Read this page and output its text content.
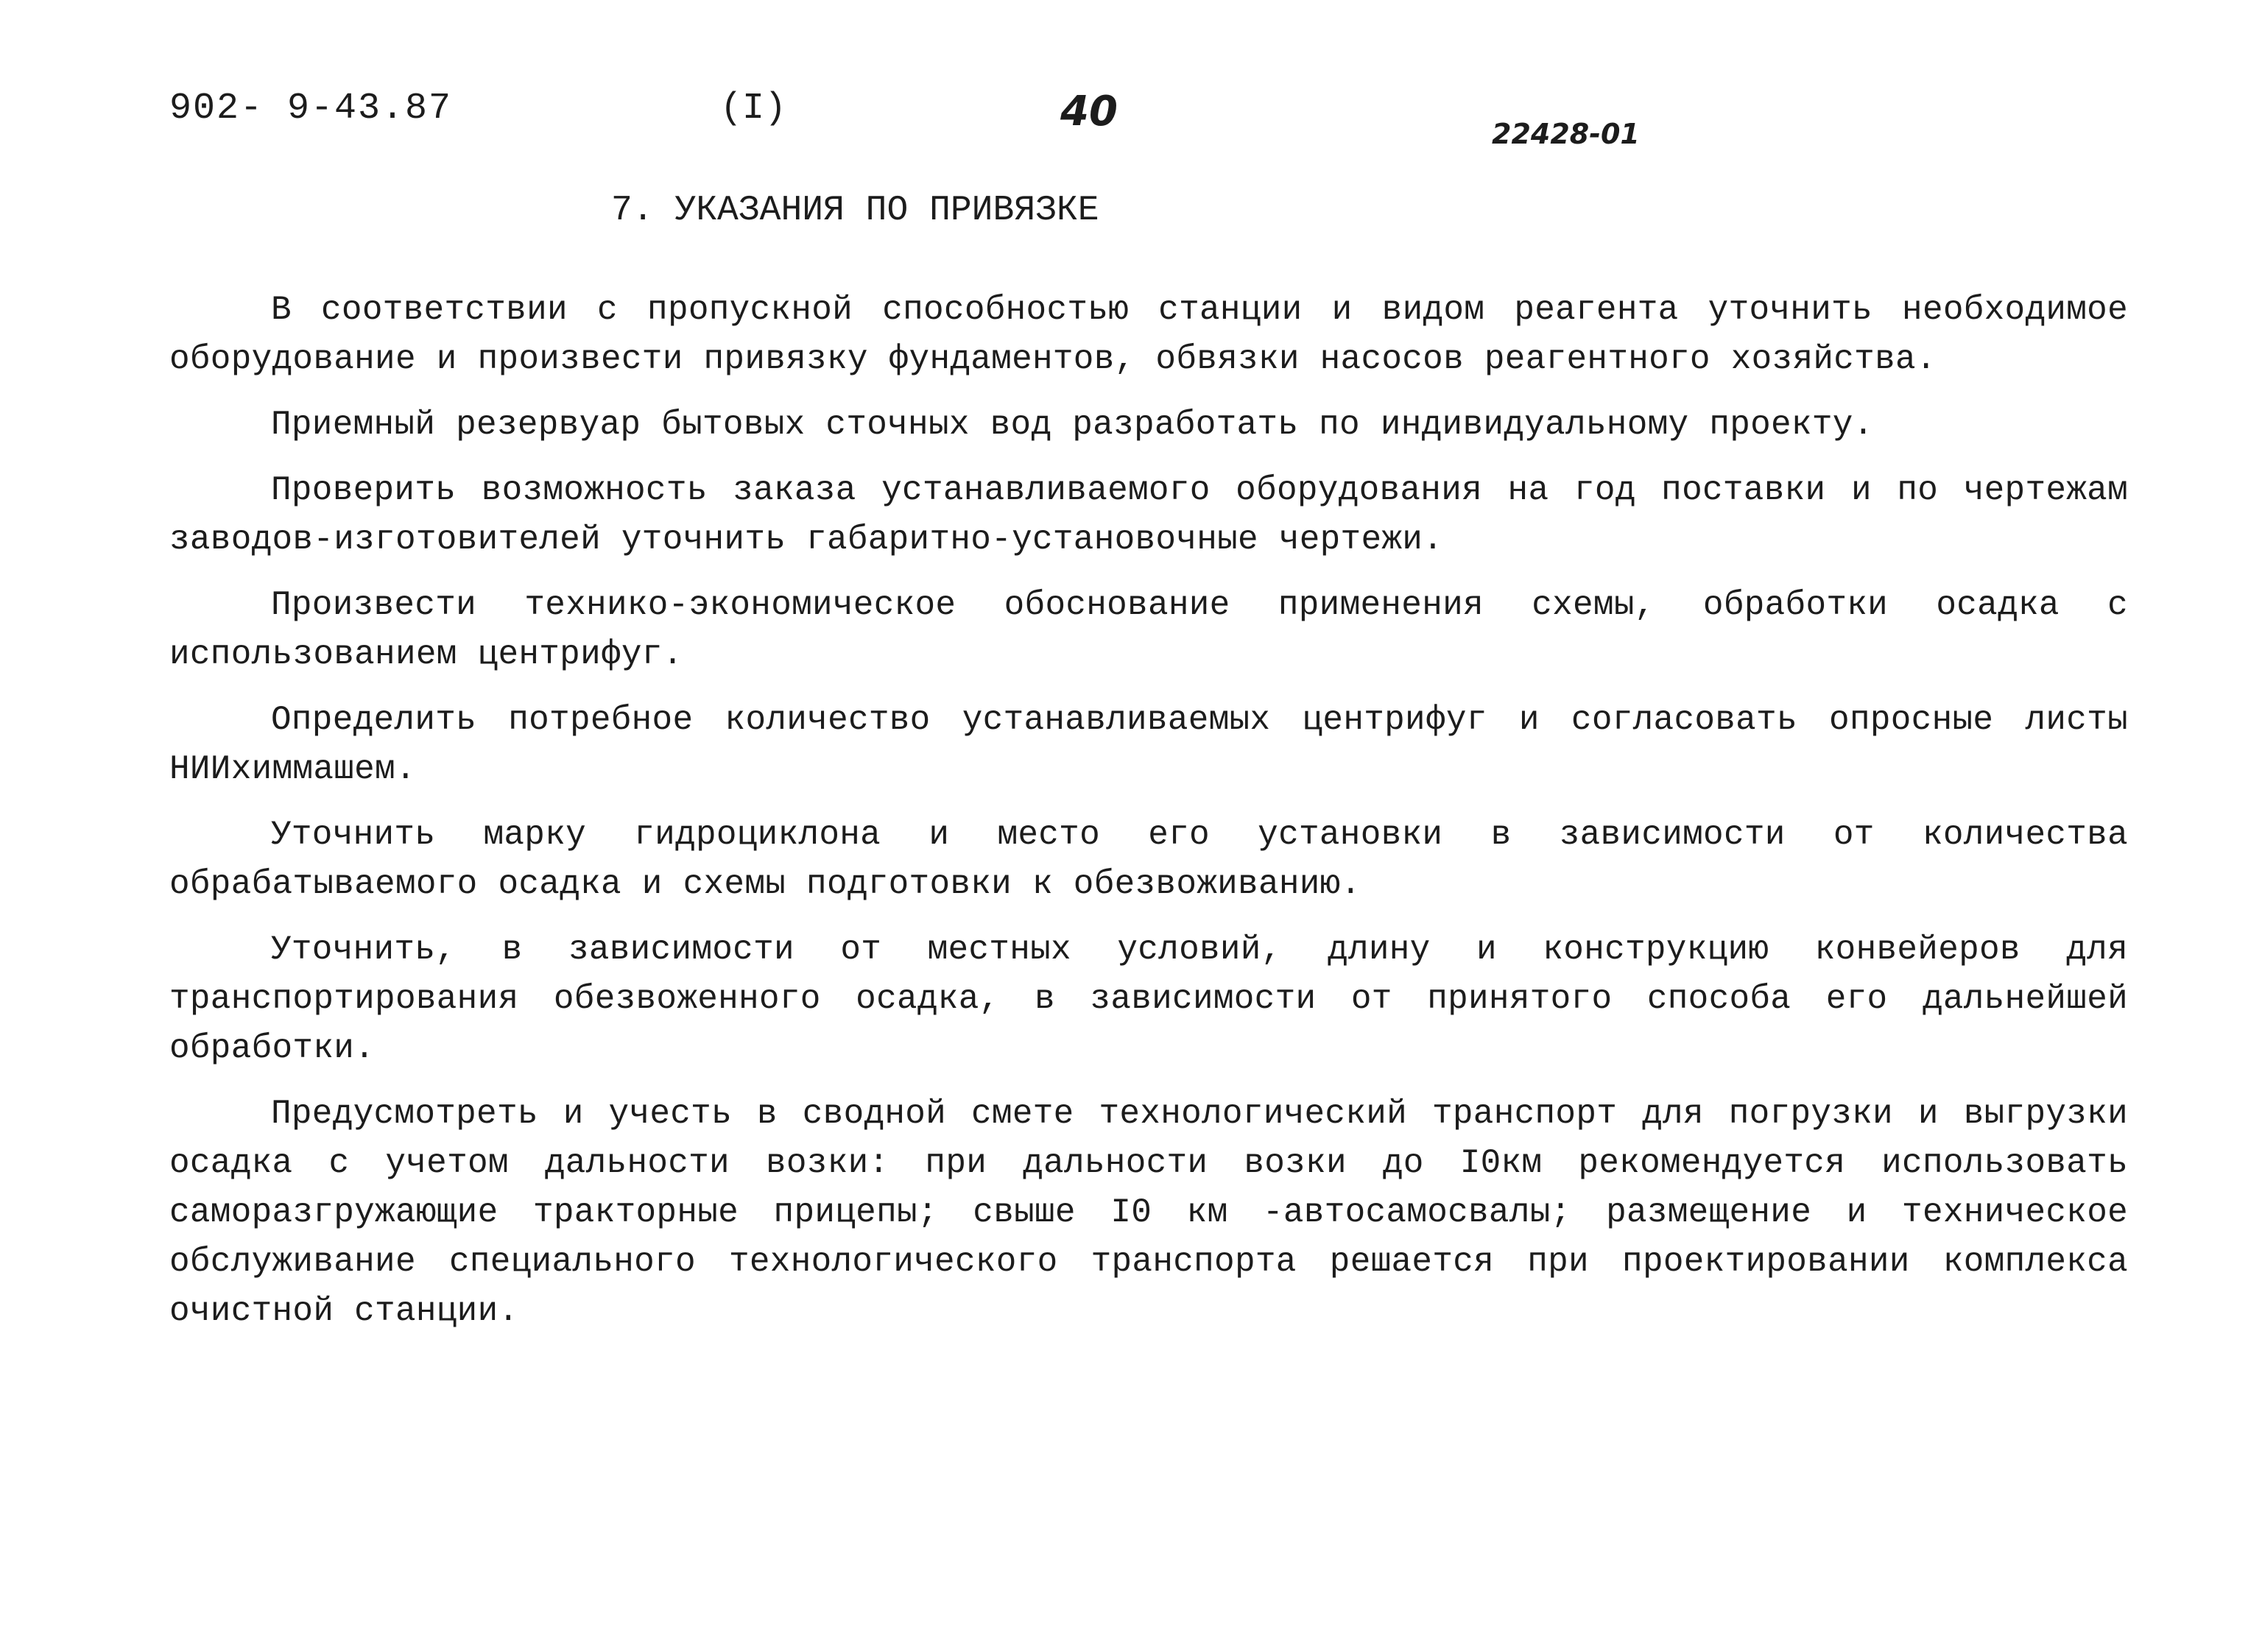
902- 9-43.87	(I)	40	22428-01
7. УКАЗАНИЯ ПО ПРИВЯЗКЕ

В соответствии с пропускной способностью станции и видом реагента уточнить необходимое оборудование и произвести привязку фундаментов, обвязки насосов реагентного хозяйства.

Приемный резервуар бытовых сточных вод разработать по индивидуальному проекту.

Проверить возможность заказа устанавливаемого оборудования на год поставки и по чертежам заводов-изготовителей уточнить габаритно-установочные чертежи.

Произвести технико-экономическое обоснование применения схемы, обработки осадка с использованием центрифуг.

Определить потребное количество устанавливаемых центрифуг и согласовать опросные листы НИИхиммашем.

Уточнить марку гидроциклона и место его установки в зависимости от количества обрабатываемого осадка и схемы подготовки к обезвоживанию.

Уточнить, в зависимости от местных условий, длину и конструкцию конвейеров для транспортирования обезвоженного осадка, в зависимости от принятого способа его дальнейшей обработки.

Предусмотреть и учесть в сводной смете технологический транспорт для погрузки и выгрузки осадка с учетом дальности возки: при дальности возки до I0км рекомендуется использовать саморазгружающие тракторные прицепы; свыше I0 км -автосамосвалы; размещение и техническое обслуживание специального технологического транспорта решается при проектировании комплекса очистной станции.
